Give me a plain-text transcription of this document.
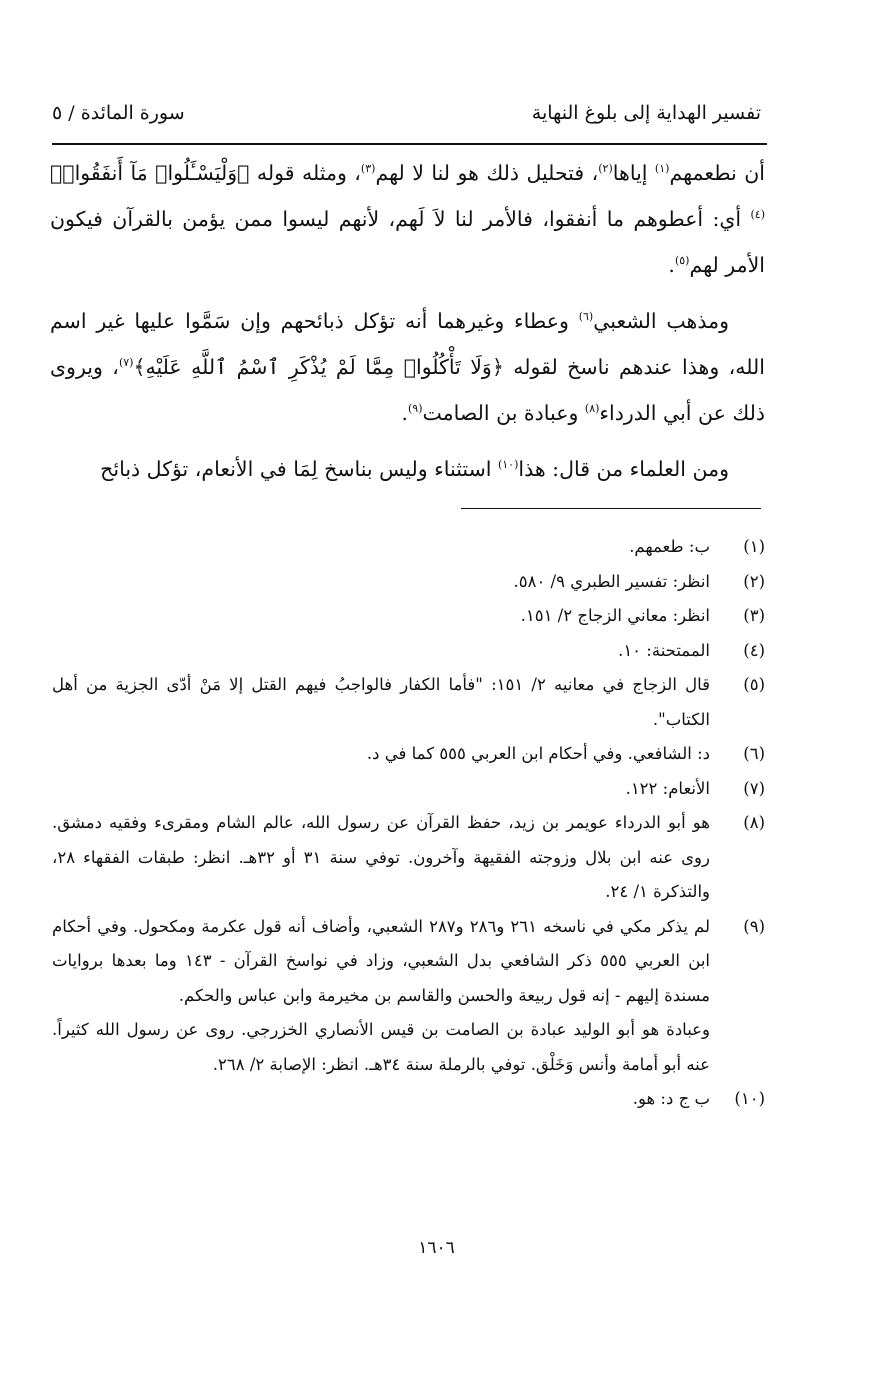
تفسير الهداية إلى بلوغ النهاية
سورة المائدة / ٥

أن نطعمهم$^{(١)}$ إياها$^{(٢)}$، فتحليل ذلك هو لنا لا لهم$^{(٣)}$، ومثله قوله ﴿وَلْيَسْـَٔلُوا۟ مَآ أَنفَقُوا۟﴾$^{(٤)}$ أي: أعطوهم ما أنفقوا، فالأمر لنا لاَ لَهم، لأنهم ليسوا ممن يؤمن بالقرآن فيكون الأمر لهم$^{(٥)}$.

ومذهب الشعبي$^{(٦)}$ وعطاء وغيرهما أنه تؤكل ذبائحهم وإن سَمَّوا عليها غير اسم الله، وهذا عندهم ناسخ لقوله ﴿وَلَا تَأْكُلُوا۟ مِمَّا لَمْ يُذْكَرِ ٱسْمُ ٱللَّهِ عَلَيْهِ﴾$^{(٧)}$، ويروى ذلك عن أبي الدرداء$^{(٨)}$ وعبادة بن الصامت$^{(٩)}$.

ومن العلماء من قال: هذا$^{(١٠)}$ استثناء وليس بناسخ لِمَا في الأنعام، تؤكل ذبائح

(١)
ب: طعمهم.
(٢)
انظر: تفسير الطبري ٩/ ٥٨٠.
(٣)
انظر: معاني الزجاج ٢/ ١٥١.
(٤)
الممتحنة: ١٠.
(٥)
قال الزجاج في معانيه ٢/ ١٥١: "فأما الكفار فالواجبُ فيهم القتل إلا مَنْ أدّى الجزية من أهل الكتاب".
(٦)
د: الشافعي. وفي أحكام ابن العربي ٥٥٥ كما في د.
(٧)
الأنعام: ١٢٢.
(٨)
هو أبو الدرداء عويمر بن زيد، حفظ القرآن عن رسول الله، عالم الشام ومقرىء وفقيه دمشق. روى عنه ابن بلال وزوجته الفقيهة وآخرون. توفي سنة ٣١ أو ٣٢هـ. انظر: طبقات الفقهاء ٢٨، والتذكرة ١/ ٢٤.
(٩)
لم يذكر مكي في ناسخه ٢٦١ و٢٨٦ و٢٨٧ الشعبي، وأضاف أنه قول عكرمة ومكحول. وفي أحكام ابن العربي ٥٥٥ ذكر الشافعي بدل الشعبي، وزاد في نواسخ القرآن - ١٤٣ وما بعدها بروايات مسندة إليهم - إنه قول ربيعة والحسن والقاسم بن مخيرمة وابن عباس والحكم.
وعبادة هو أبو الوليد عبادة بن الصامت بن قيس الأنصاري الخزرجي. روى عن رسول الله كثيراً. عنه أبو أمامة وأنس وَخَلْق. توفي بالرملة سنة ٣٤هـ. انظر: الإصابة ٢/ ٢٦٨.
(١٠)
ب ج د: هو.
١٦٠٦
